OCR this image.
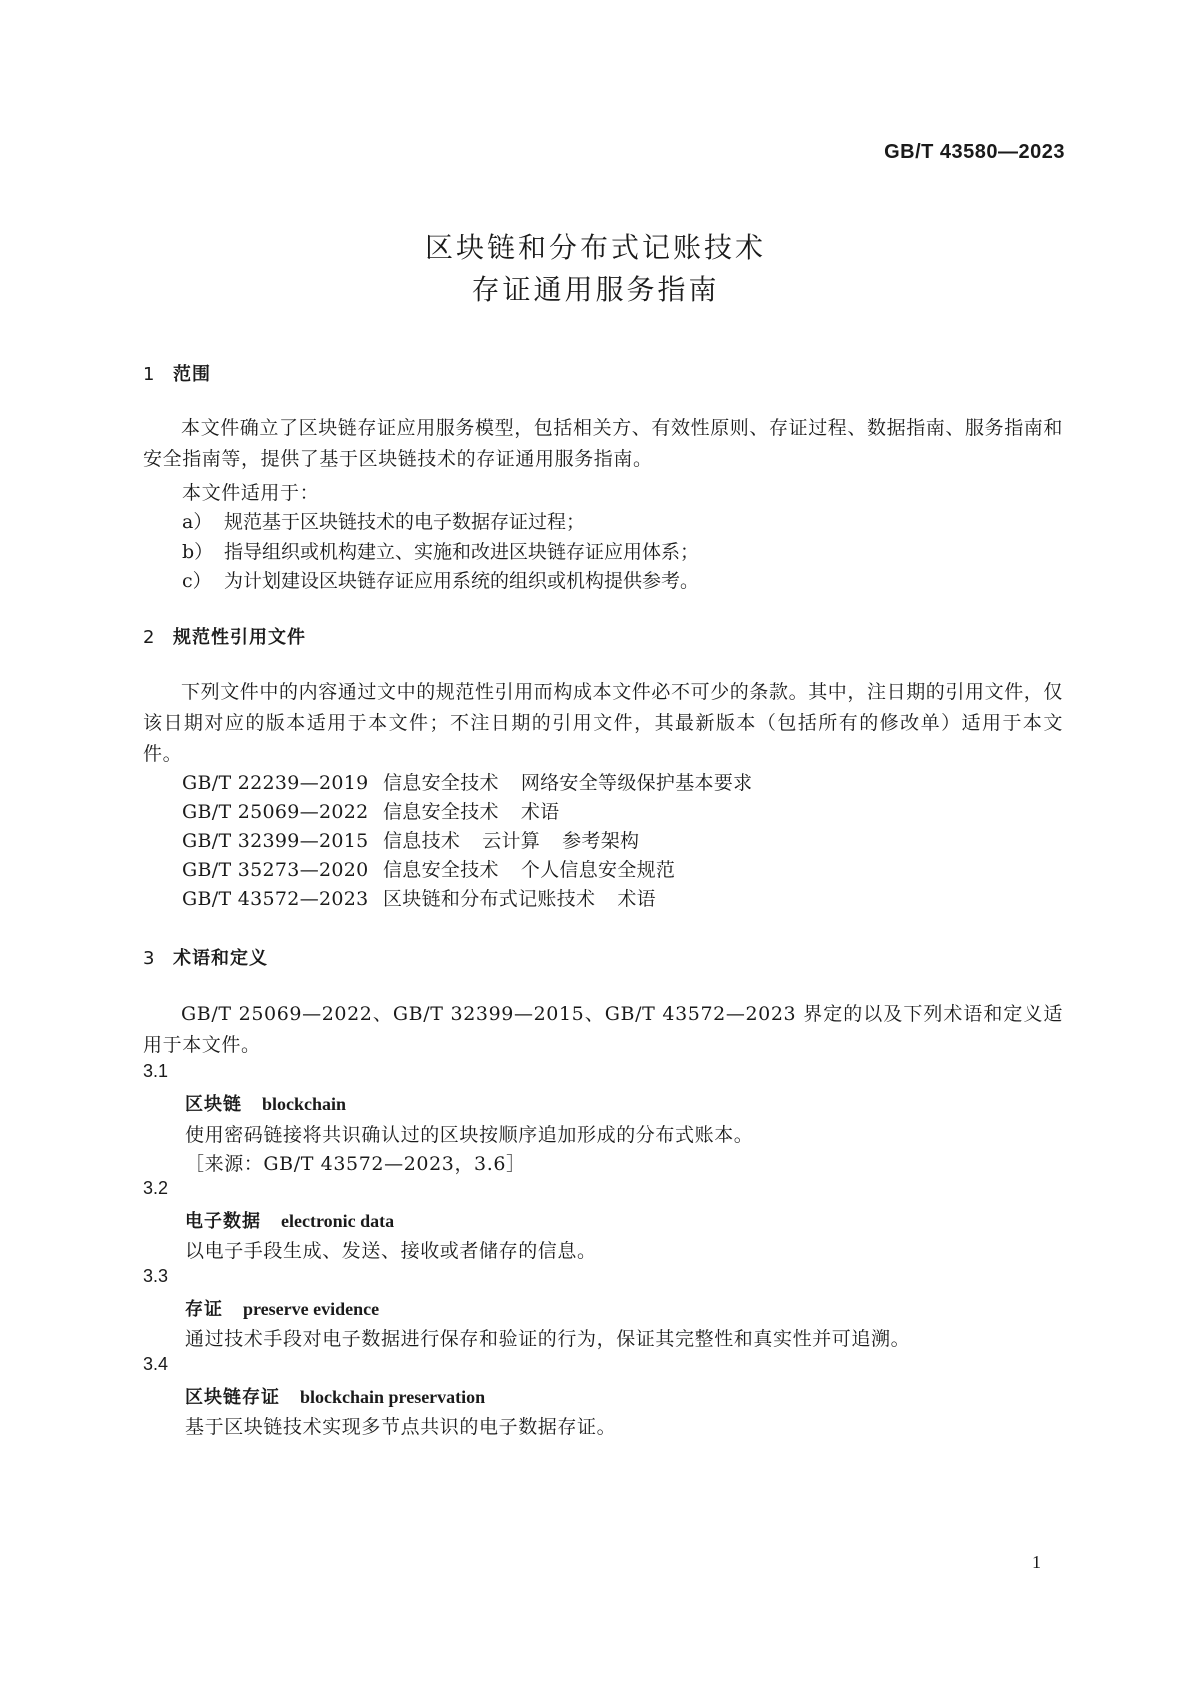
GB/T 43580—2023
区块链和分布式记账技术
存证通用服务指南
1 范围
本文件确立了区块链存证应用服务模型，包括相关方、有效性原则、存证过程、数据指南、服务指南和安全指南等，提供了基于区块链技术的存证通用服务指南。
本文件适用于：
a） 规范基于区块链技术的电子数据存证过程；
b） 指导组织或机构建立、实施和改进区块链存证应用体系；
c） 为计划建设区块链存证应用系统的组织或机构提供参考。
2 规范性引用文件
下列文件中的内容通过文中的规范性引用而构成本文件必不可少的条款。其中，注日期的引用文件，仅该日期对应的版本适用于本文件；不注日期的引用文件，其最新版本（包括所有的修改单）适用于本文件。
GB/T 22239—2019 信息安全技术 网络安全等级保护基本要求
GB/T 25069—2022 信息安全技术 术语
GB/T 32399—2015 信息技术 云计算 参考架构
GB/T 35273—2020 信息安全技术 个人信息安全规范
GB/T 43572—2023 区块链和分布式记账技术 术语
3 术语和定义
GB/T 25069—2022、GB/T 32399—2015、GB/T 43572—2023 界定的以及下列术语和定义适用于本文件。
3.1
区块链 blockchain
使用密码链接将共识确认过的区块按顺序追加形成的分布式账本。
［来源：GB/T 43572—2023，3.6］
3.2
电子数据 electronic data
以电子手段生成、发送、接收或者储存的信息。
3.3
存证 preserve evidence
通过技术手段对电子数据进行保存和验证的行为，保证其完整性和真实性并可追溯。
3.4
区块链存证 blockchain preservation
基于区块链技术实现多节点共识的电子数据存证。
1
